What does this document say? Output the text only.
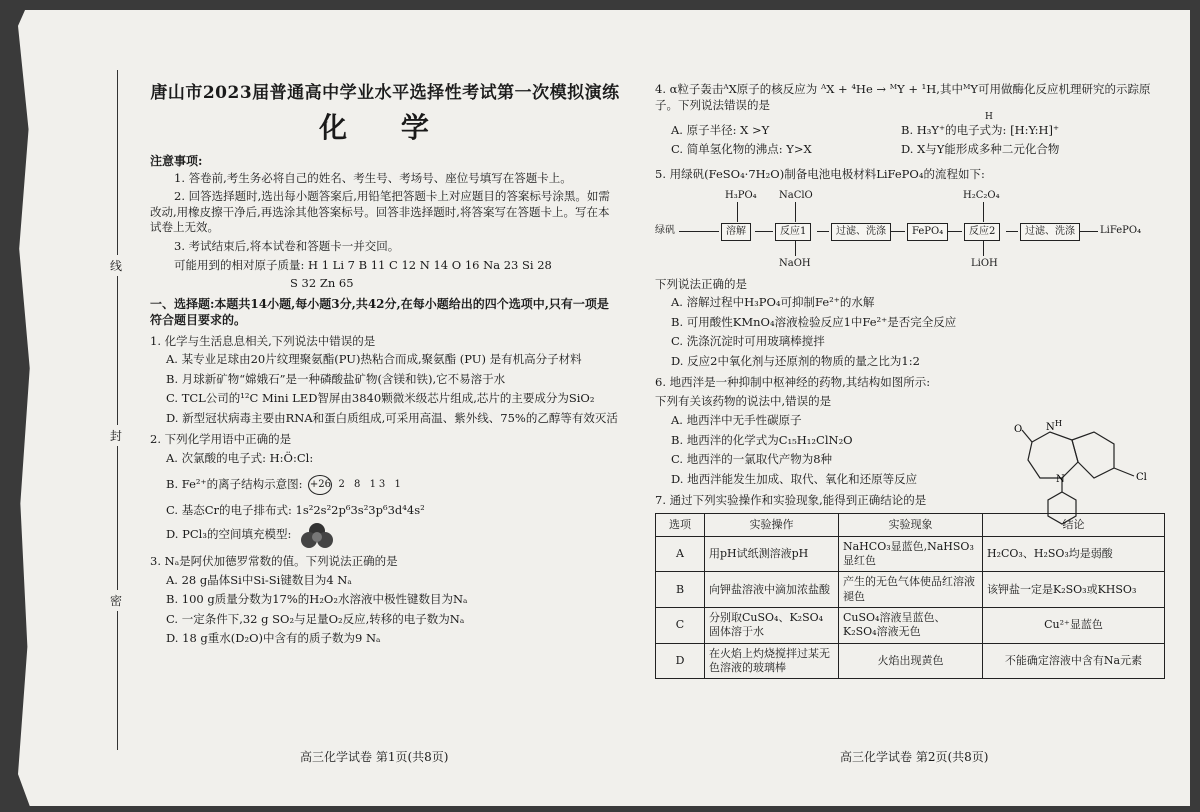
线
封
密
唐山市2023届普通高中学业水平选择性考试第一次模拟演练
化 学
注意事项:
1. 答卷前,考生务必将自己的姓名、考生号、考场号、座位号填写在答题卡上。
2. 回答选择题时,选出每小题答案后,用铅笔把答题卡上对应题目的答案标号涂黑。如需改动,用橡皮擦干净后,再选涂其他答案标号。回答非选择题时,将答案写在答题卡上。写在本试卷上无效。
3. 考试结束后,将本试卷和答题卡一并交回。
可能用到的相对原子质量: H 1 Li 7 B 11 C 12 N 14 O 16 Na 23 Si 28
S 32 Zn 65
一、选择题:本题共14小题,每小题3分,共42分,在每小题给出的四个选项中,只有一项是符合题目要求的。
1. 化学与生活息息相关,下列说法中错误的是
A. 某专业足球由20片纹理聚氨酯(PU)热粘合而成,聚氨酯 (PU) 是有机高分子材料
B. 月球新矿物“嫦娥石”是一种磷酸盐矿物(含镁和铁),它不易溶于水
C. TCL公司的¹²C Mini LED智屏由3840颗微米级芯片组成,芯片的主要成分为SiO₂
D. 新型冠状病毒主要由RNA和蛋白质组成,可采用高温、紫外线、75%的乙醇等有效灭活
2. 下列化学用语中正确的是
A. 次氯酸的电子式: H:Ö:Cl:
B. Fe²⁺的离子结构示意图: +26 2 8 13 1
C. 基态Cr的电子排布式: 1s²2s²2p⁶3s²3p⁶3d⁴4s²
D. PCl₃的空间填充模型:
3. Nₐ是阿伏加德罗常数的值。下列说法正确的是
A. 28 g晶体Si中Si-Si键数目为4 Nₐ
B. 100 g质量分数为17%的H₂O₂水溶液中极性键数目为Nₐ
C. 一定条件下,32 g SO₂与足量O₂反应,转移的电子数为Nₐ
D. 18 g重水(D₂O)中含有的质子数为9 Nₐ
高三化学试卷 第1页(共8页)
4. α粒子轰击ᴬX原子的核反应为 ᴬX + ⁴He → ᴹY + ¹H,其中ᴹY可用做酶化反应机理研究的示踪原子。下列说法错误的是
A. 原子半径: X >Y
H
B. H₃Y⁺的电子式为: [H:Y:H]⁺
C. 简单氢化物的沸点: Y>X	D. X与Y能形成多种二元化合物
5. 用绿矾(FeSO₄·7H₂O)制备电池电极材料LiFePO₄的流程如下:
绿矾	溶解	反应1	过滤、洗涤	FePO₄	反应2	过滤、洗涤	LiFePO₄
H₃PO₄ NaClO	H₂C₂O₄
NaOH	LiOH
下列说法正确的是
A. 溶解过程中H₃PO₄可抑制Fe²⁺的水解
B. 可用酸性KMnO₄溶液检验反应1中Fe²⁺是否完全反应
C. 洗涤沉淀时可用玻璃棒搅拌
D. 反应2中氧化剂与还原剂的物质的量之比为1:2
6. 地西泮是一种抑制中枢神经的药物,其结构如图所示:
下列有关该药物的说法中,错误的是
A. 地西泮中无手性碳原子
B. 地西泮的化学式为C₁₅H₁₂ClN₂O
C. 地西泮的一氯取代产物为8种
D. 地西泮能发生加成、取代、氧化和还原等反应
7. 通过下列实验操作和实验现象,能得到正确结论的是
选项	实验操作	实验现象	结论
A	用pH试纸测溶液pH	NaHCO₃显蓝色,NaHSO₃显红色	H₂CO₃、H₂SO₃均是弱酸
B	向钾盐溶液中滴加浓盐酸	产生的无色气体使品红溶液褪色	该钾盐一定是K₂SO₃或KHSO₃
C	分别取CuSO₄、K₂SO₄固体溶于水	CuSO₄溶液呈蓝色、K₂SO₄溶液无色	Cu²⁺显蓝色
D	在火焰上灼烧搅拌过某无色溶液的玻璃棒	火焰出现黄色	不能确定溶液中含有Na元素
O N H
N	Cl
高三化学试卷 第2页(共8页)
